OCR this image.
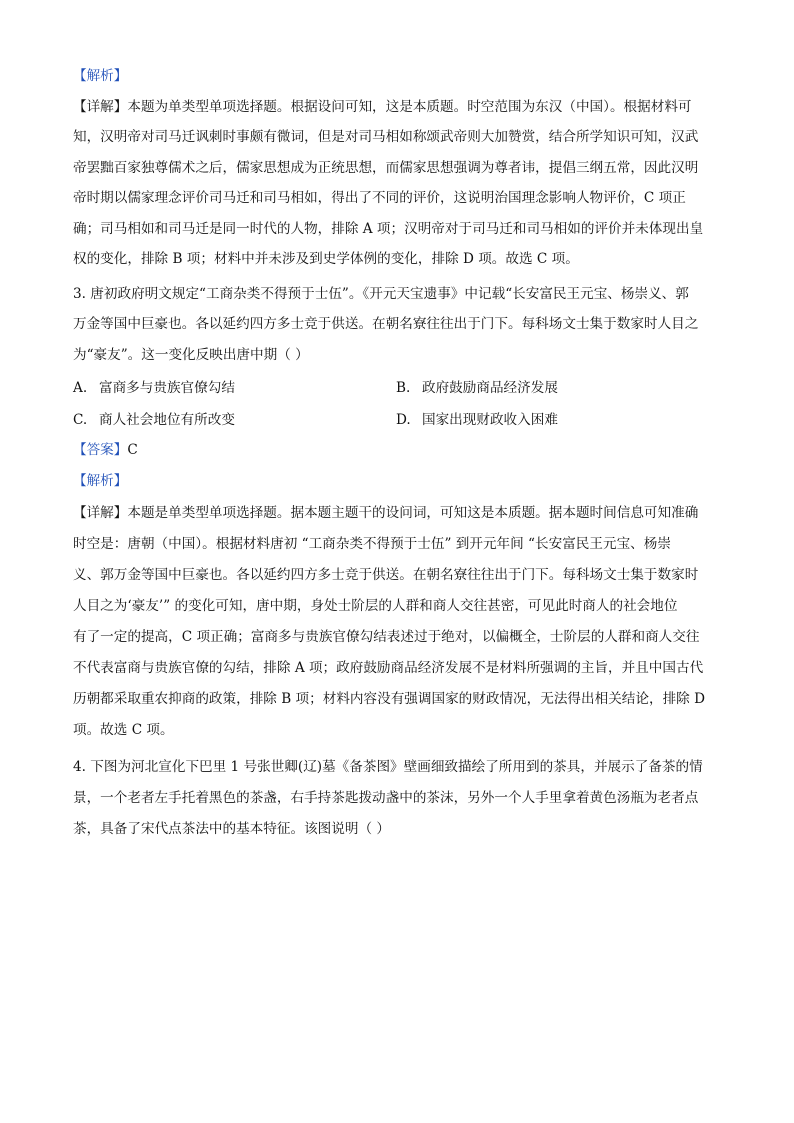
【解析】
【详解】本题为单类型单项选择题。根据设问可知，这是本质题。时空范围为东汉（中国）。根据材料可
知，汉明帝对司马迁讽刺时事颇有微词，但是对司马相如称颂武帝则大加赞赏，结合所学知识可知，汉武
帝罢黜百家独尊儒术之后，儒家思想成为正统思想，而儒家思想强调为尊者讳，提倡三纲五常，因此汉明
帝时期以儒家理念评价司马迁和司马相如，得出了不同的评价，这说明治国理念影响人物评价，C 项正
确；司马相如和司马迁是同一时代的人物，排除 A 项；汉明帝对于司马迁和司马相如的评价并未体现出皇
权的变化，排除 B 项；材料中并未涉及到史学体例的变化，排除 D 项。故选 C 项。
3. 唐初政府明文规定“工商杂类不得预于士伍”。《开元天宝遗事》中记载“长安富民王元宝、杨崇义、郭
万金等国中巨豪也。各以延约四方多士竞于供送。在朝名寮往往出于门下。每科场文士集于数家时人目之
为“豪友”。这一变化反映出唐中期（ ）
A. 富商多与贵族官僚勾结	B. 政府鼓励商品经济发展
C. 商人社会地位有所改变	D. 国家出现财政收入困难
【答案】C
【解析】
【详解】本题是单类型单项选择题。据本题主题干的设问词，可知这是本质题。据本题时间信息可知准确
时空是：唐朝（中国）。根据材料唐初 “工商杂类不得预于士伍” 到开元年间 “长安富民王元宝、杨崇
义、郭万金等国中巨豪也。各以延约四方多士竞于供送。在朝名寮往往出于门下。每科场文士集于数家时
人目之为‘豪友’” 的变化可知，唐中期，身处士阶层的人群和商人交往甚密，可见此时商人的社会地位
有了一定的提高，C 项正确；富商多与贵族官僚勾结表述过于绝对，以偏概全，士阶层的人群和商人交往
不代表富商与贵族官僚的勾结，排除 A 项；政府鼓励商品经济发展不是材料所强调的主旨，并且中国古代
历朝都采取重农抑商的政策，排除 B 项；材料内容没有强调国家的财政情况，无法得出相关结论，排除 D
项。故选 C 项。
4. 下图为河北宣化下巴里 1 号张世卿(辽)墓《备茶图》壁画细致描绘了所用到的茶具，并展示了备茶的情
景，一个老者左手托着黑色的茶盏，右手持茶匙拨动盏中的茶沫，另外一个人手里拿着黄色汤瓶为老者点
茶，具备了宋代点茶法中的基本特征。该图说明（ ）
